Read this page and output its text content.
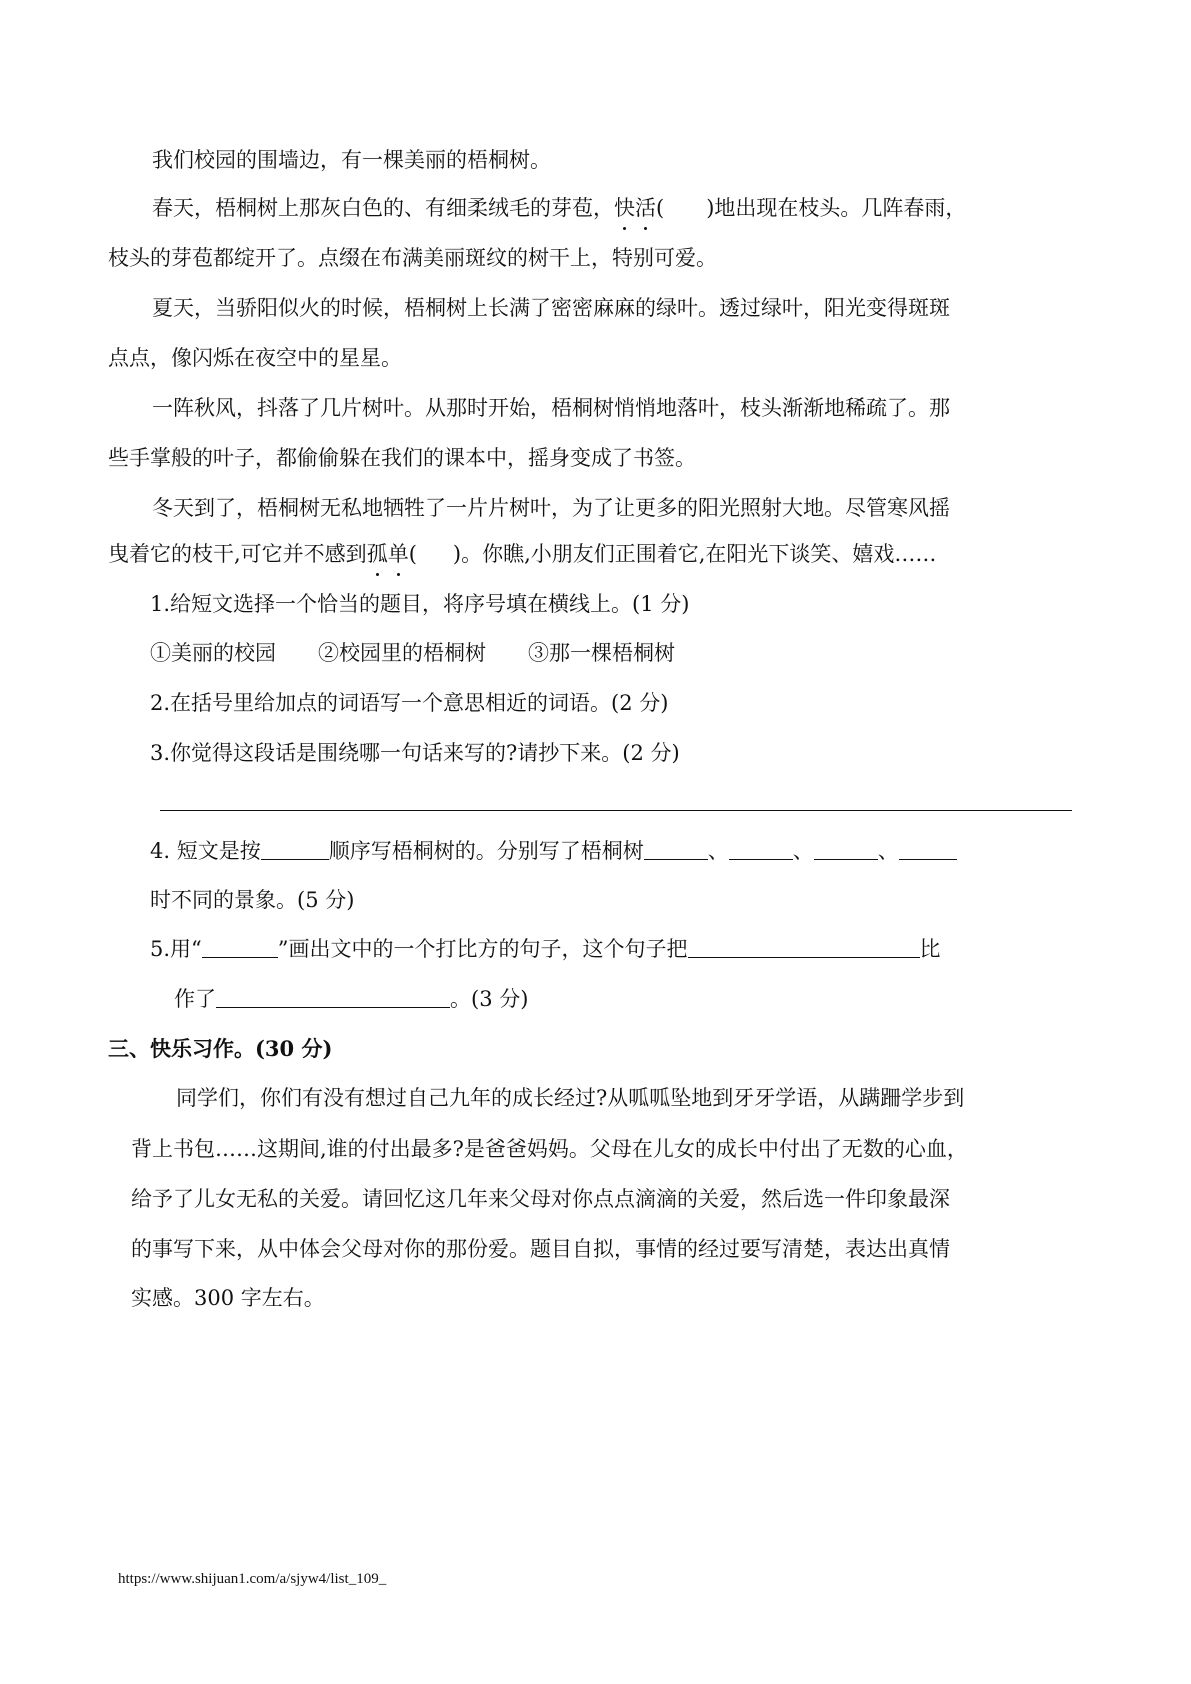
我们校园的围墙边，有一棵美丽的梧桐树。
春天，梧桐树上那灰白色的、有细柔绒毛的芽苞，快活( )地出现在枝头。几阵春雨，
枝头的芽苞都绽开了。点缀在布满美丽斑纹的树干上，特别可爱。
夏天，当骄阳似火的时候，梧桐树上长满了密密麻麻的绿叶。透过绿叶，阳光变得斑斑
点点，像闪烁在夜空中的星星。
一阵秋风，抖落了几片树叶。从那时开始，梧桐树悄悄地落叶，枝头渐渐地稀疏了。那
些手掌般的叶子，都偷偷躲在我们的课本中，摇身变成了书签。
冬天到了，梧桐树无私地牺牲了一片片树叶，为了让更多的阳光照射大地。尽管寒风摇
曳着它的枝干,可它并不感到孤单( )。你瞧,小朋友们正围着它,在阳光下谈笑、嬉戏……
1.给短文选择一个恰当的题目，将序号填在横线上。(1 分)
①美丽的校园　　②校园里的梧桐树　　③那一棵梧桐树
2.在括号里给加点的词语写一个意思相近的词语。(2 分)
3.你觉得这段话是围绕哪一句话来写的?请抄下来。(2 分)
4. 短文是按	顺序写梧桐树的。分别写了梧桐树	、	、	、
时不同的景象。(5 分)
5.用“	”画出文中的一个打比方的句子，这个句子把	比
作了	。(3 分)
三、快乐习作。(30 分)
同学们，你们有没有想过自己九年的成长经过?从呱呱坠地到牙牙学语，从蹒跚学步到
背上书包……这期间,谁的付出最多?是爸爸妈妈。父母在儿女的成长中付出了无数的心血，
给予了儿女无私的关爱。请回忆这几年来父母对你点点滴滴的关爱，然后选一件印象最深
的事写下来，从中体会父母对你的那份爱。题目自拟，事情的经过要写清楚，表达出真情
实感。300 字左右。
https://www.shijuan1.com/a/sjyw4/list_109_
